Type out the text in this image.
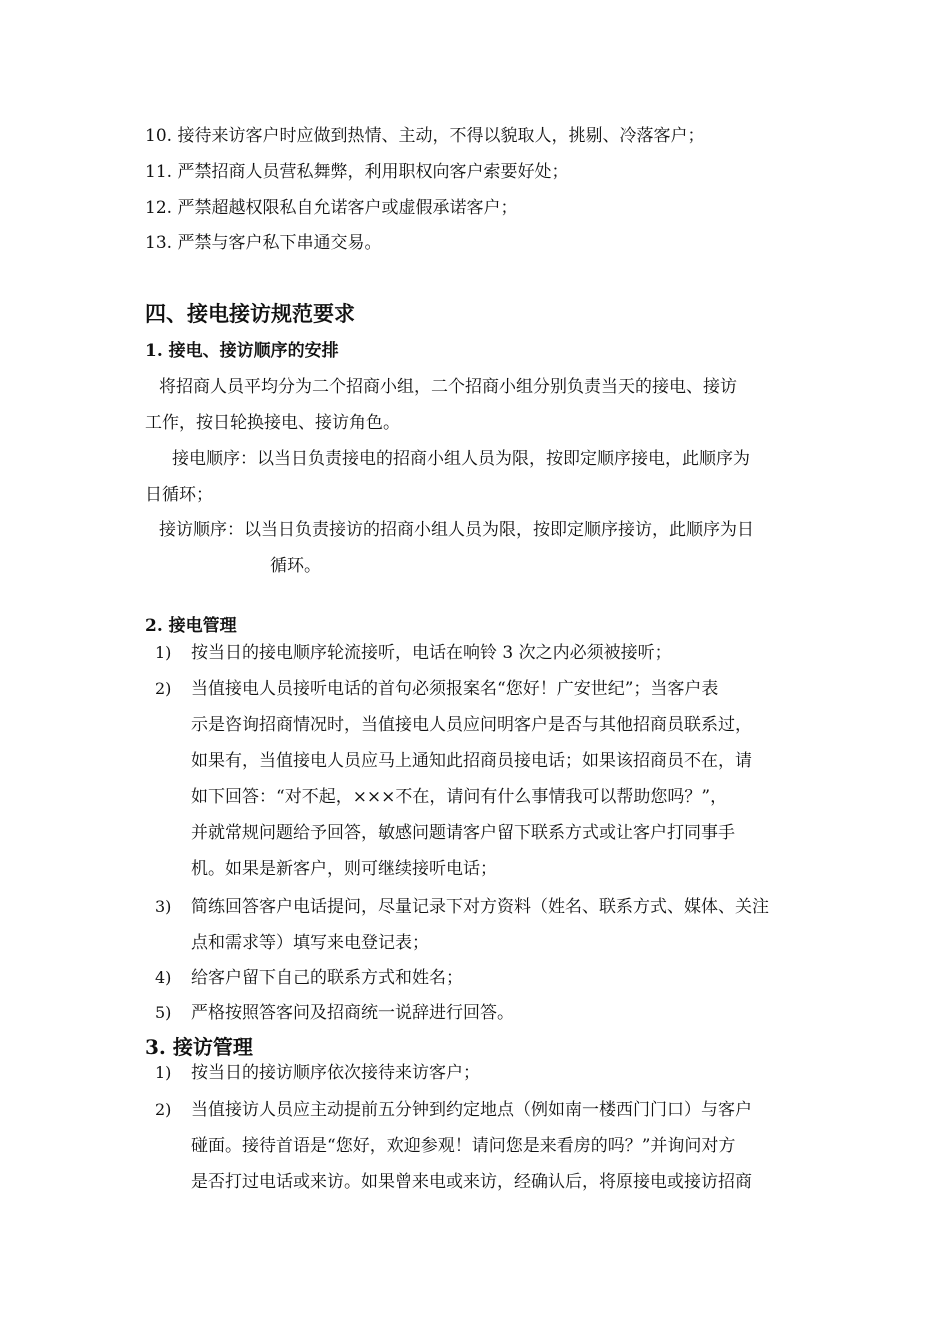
10. 接待来访客户时应做到热情、主动，不得以貌取人，挑剔、冷落客户；

11. 严禁招商人员营私舞弊，利用职权向客户索要好处；

12. 严禁超越权限私自允诺客户或虚假承诺客户；

13. 严禁与客户私下串通交易。

四、接电接访规范要求

1. 接电、接访顺序的安排

将招商人员平均分为二个招商小组，二个招商小组分别负责当天的接电、接访

工作，按日轮换接电、接访角色。

接电顺序：以当日负责接电的招商小组人员为限，按即定顺序接电，此顺序为

日循环；

接访顺序：以当日负责接访的招商小组人员为限，按即定顺序接访，此顺序为日

循环。

2. 接电管理

1) 按当日的接电顺序轮流接听，电话在响铃 3 次之内必须被接听；

2) 当值接电人员接听电话的首句必须报案名“您好！广安世纪”；当客户表

示是咨询招商情况时，当值接电人员应问明客户是否与其他招商员联系过，

如果有，当值接电人员应马上通知此招商员接电话；如果该招商员不在，请

如下回答：“对不起，×××不在，请问有什么事情我可以帮助您吗？”，

并就常规问题给予回答，敏感问题请客户留下联系方式或让客户打同事手

机。如果是新客户，则可继续接听电话；

3) 简练回答客户电话提问，尽量记录下对方资料（姓名、联系方式、媒体、关注

点和需求等）填写来电登记表；

4) 给客户留下自己的联系方式和姓名；

5) 严格按照答客问及招商统一说辞进行回答。

3. 接访管理

1) 按当日的接访顺序依次接待来访客户；

2) 当值接访人员应主动提前五分钟到约定地点（例如南一楼西门门口）与客户

碰面。接待首语是“您好，欢迎参观！请问您是来看房的吗？”并询问对方

是否打过电话或来访。如果曾来电或来访，经确认后，将原接电或接访招商
